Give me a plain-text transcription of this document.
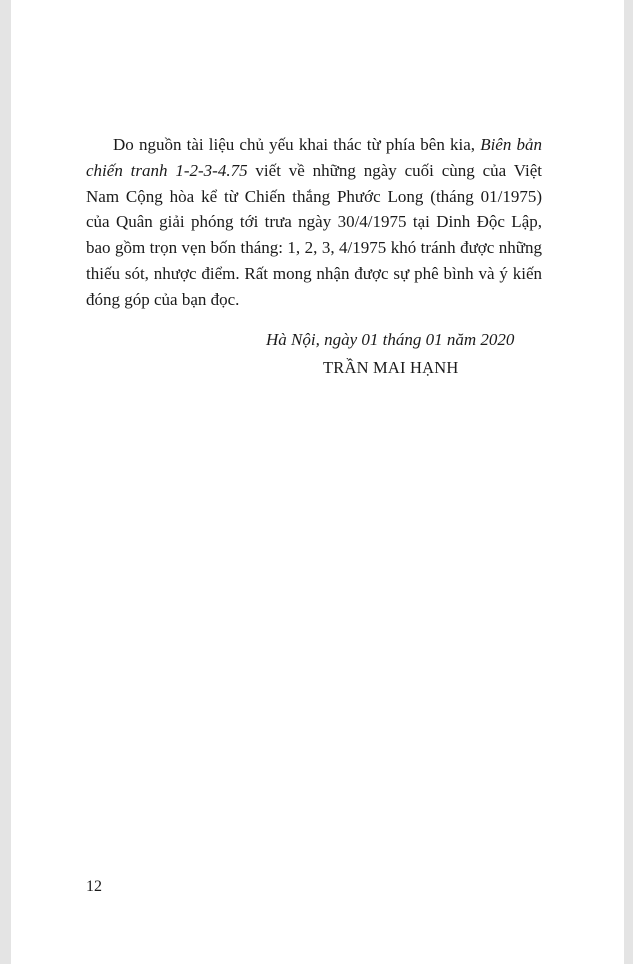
Do nguồn tài liệu chủ yếu khai thác từ phía bên kia, Biên bản chiến tranh 1-2-3-4.75 viết về những ngày cuối cùng của Việt Nam Cộng hòa kể từ Chiến thắng Phước Long (tháng 01/1975) của Quân giải phóng tới trưa ngày 30/4/1975 tại Dinh Độc Lập, bao gồm trọn vẹn bốn tháng: 1, 2, 3, 4/1975 khó tránh được những thiếu sót, nhược điểm. Rất mong nhận được sự phê bình và ý kiến đóng góp của bạn đọc.

Hà Nội, ngày 01 tháng 01 năm 2020
TRẦN MAI HẠNH
12
